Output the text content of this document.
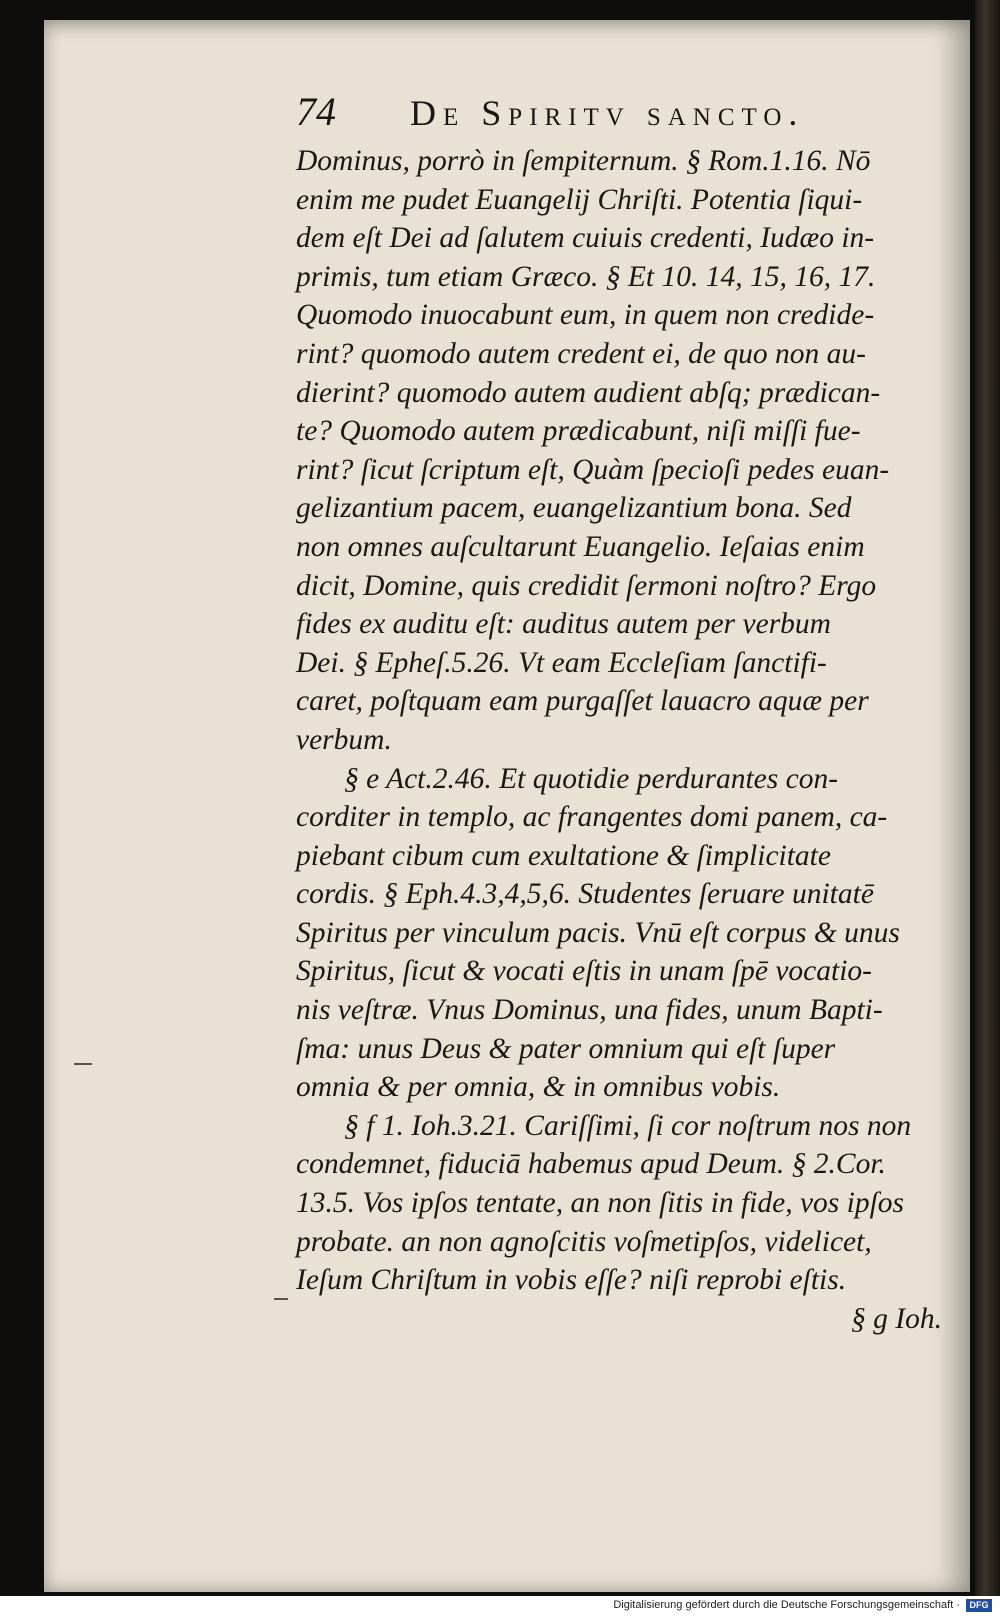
74 De Spiritv sancto.
Dominus, porrò in ſempiternum. § Rom.1.16. Nō
enim me pudet Euangelij Chriſti. Potentia ſiqui-
dem eſt Dei ad ſalutem cuiuis credenti, Iudæo in-
primis, tum etiam Græco. § Et 10. 14, 15, 16, 17.
Quomodo inuocabunt eum, in quem non credide-
rint? quomodo autem credent ei, de quo non au-
dierint? quomodo autem audient abſq; prædican-
te? Quomodo autem prædicabunt, niſi miſſi fue-
rint? ſicut ſcriptum eſt, Quàm ſpecioſi pedes euan-
gelizantium pacem, euangelizantium bona. Sed
non omnes auſcultarunt Euangelio. Ieſaias enim
dicit, Domine, quis credidit ſermoni noſtro? Ergo
fides ex auditu eſt: auditus autem per verbum
Dei. § Epheſ.5.26. Vt eam Eccleſiam ſanctifi-
caret, poſtquam eam purgaſſet lauacro aquæ per
verbum.
§ e Act.2.46. Et quotidie perdurantes con-
corditer in templo, ac frangentes domi panem, ca-
piebant cibum cum exultatione & ſimplicitate
cordis. § Eph.4.3,4,5,6. Studentes ſeruare unitatē
Spiritus per vinculum pacis. Vnū eſt corpus & unus
Spiritus, ſicut & vocati eſtis in unam ſpē vocatio-
nis veſtræ. Vnus Dominus, una fides, unum Bapti-
ſma: unus Deus & pater omnium qui eſt ſuper
omnia & per omnia, & in omnibus vobis.
§ f 1. Ioh.3.21. Cariſſimi, ſi cor noſtrum nos non
condemnet, fiduciā habemus apud Deum. § 2.Cor.
13.5. Vos ipſos tentate, an non ſitis in fide, vos ipſos
probate. an non agnoſcitis voſmetipſos, videlicet,
Ieſum Chriſtum in vobis eſſe? niſi reprobi eſtis.
§ g Ioh.
Digitalisierung gefördert durch die Deutsche Forschungsgemeinschaft ·	DFG
